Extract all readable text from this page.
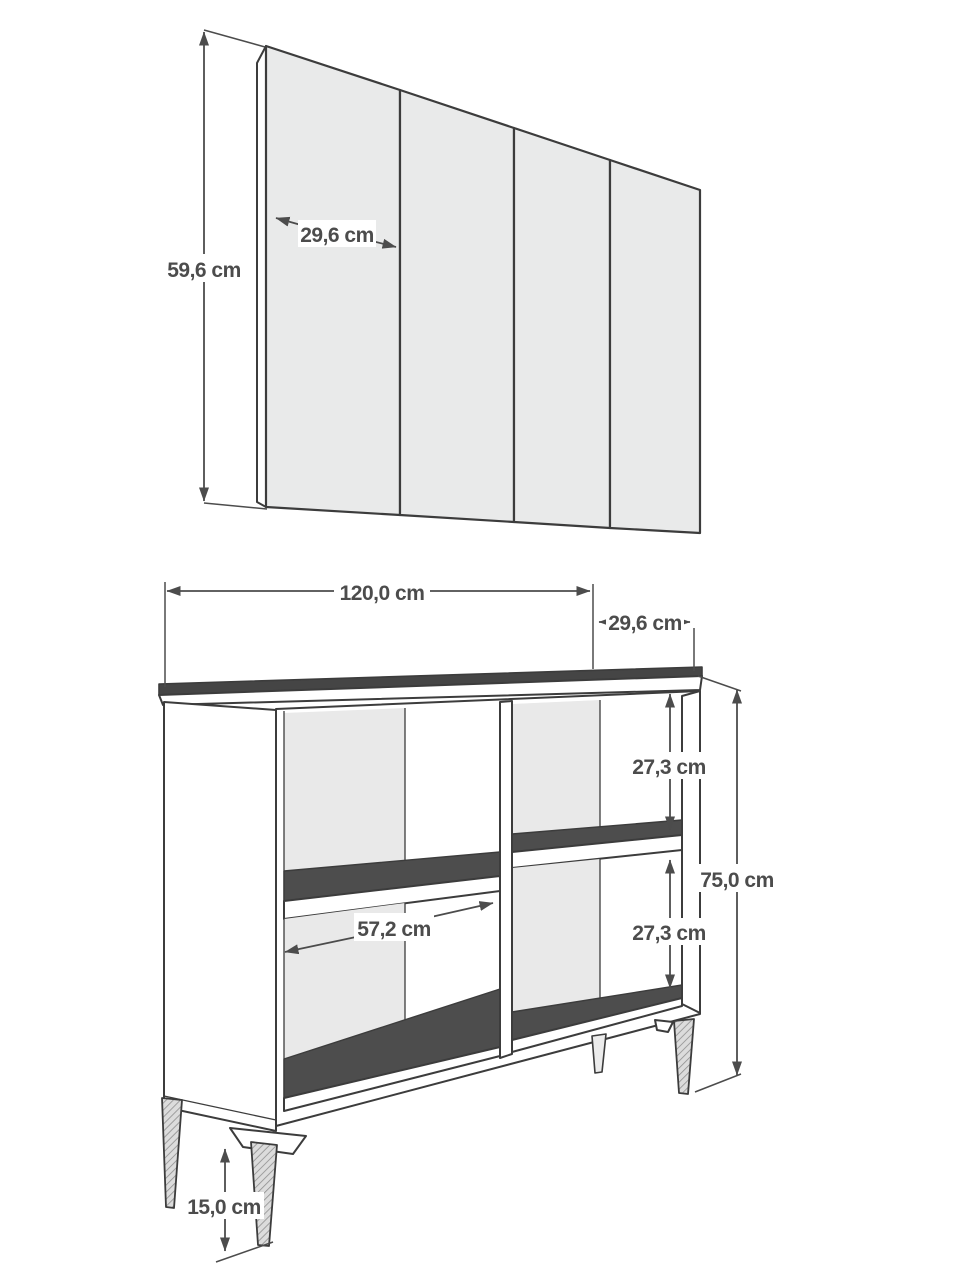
59,6 cm
29,6 cm
120,0 cm
29,6 cm
27,3 cm
27,3 cm
75,0 cm
57,2 cm
15,0 cm
